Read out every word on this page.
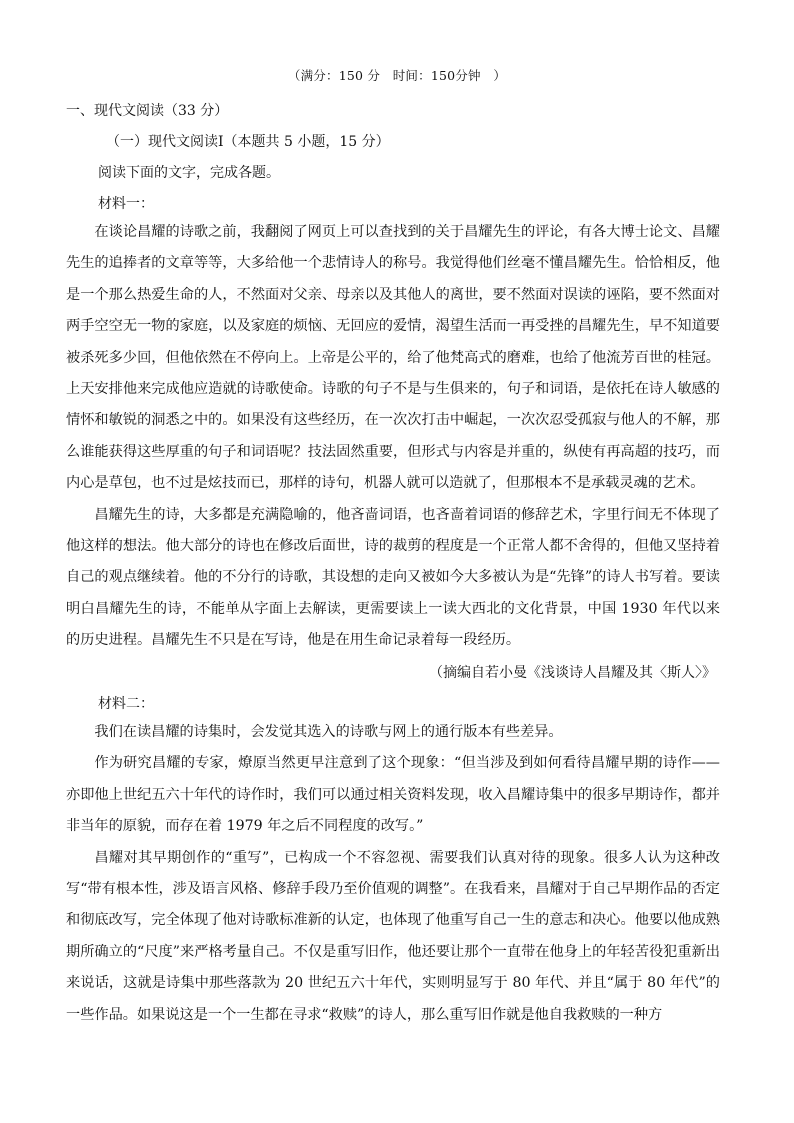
（满分：150 分　时间：150分钟　）
一、现代文阅读（33 分）
（一）现代文阅读Ⅰ（本题共 5 小题，15 分）
阅读下面的文字，完成各题。
材料一：

在谈论昌耀的诗歌之前，我翻阅了网页上可以查找到的关于昌耀先生的评论，有各大博士论文、昌耀先生的追捧者的文章等等，大多给他一个悲情诗人的称号。我觉得他们丝毫不懂昌耀先生。恰恰相反，他是一个那么热爱生命的人，不然面对父亲、母亲以及其他人的离世，要不然面对误读的诬陷，要不然面对两手空空无一物的家庭，以及家庭的烦恼、无回应的爱情，渴望生活而一再受挫的昌耀先生，早不知道要被杀死多少回，但他依然在不停向上。上帝是公平的，给了他梵高式的磨难，也给了他流芳百世的桂冠。上天安排他来完成他应造就的诗歌使命。诗歌的句子不是与生俱来的，句子和词语，是依托在诗人敏感的情怀和敏锐的洞悉之中的。如果没有这些经历，在一次次打击中崛起，一次次忍受孤寂与他人的不解，那么谁能获得这些厚重的句子和词语呢？技法固然重要，但形式与内容是并重的，纵使有再高超的技巧，而内心是草包，也不过是炫技而已，那样的诗句，机器人就可以造就了，但那根本不是承载灵魂的艺术。

昌耀先生的诗，大多都是充满隐喻的，他吝啬词语，也吝啬着词语的修辞艺术，字里行间无不体现了他这样的想法。他大部分的诗也在修改后面世，诗的裁剪的程度是一个正常人都不舍得的，但他又坚持着自己的观点继续着。他的不分行的诗歌，其设想的走向又被如今大多被认为是“先锋”的诗人书写着。要读明白昌耀先生的诗，不能单从字面上去解读，更需要读上一读大西北的文化背景，中国 1930 年代以来的历史进程。昌耀先生不只是在写诗，他是在用生命记录着每一段经历。

（摘编自若小曼《浅谈诗人昌耀及其〈斯人〉》
材料二：

我们在读昌耀的诗集时，会发觉其选入的诗歌与网上的通行版本有些差异。

作为研究昌耀的专家，燎原当然更早注意到了这个现象：“但当涉及到如何看待昌耀早期的诗作——亦即他上世纪五六十年代的诗作时，我们可以通过相关资料发现，收入昌耀诗集中的很多早期诗作，都并非当年的原貌，而存在着 1979 年之后不同程度的改写。”

昌耀对其早期创作的“重写”，已构成一个不容忽视、需要我们认真对待的现象。很多人认为这种改写“带有根本性，涉及语言风格、修辞手段乃至价值观的调整”。在我看来，昌耀对于自己早期作品的否定和彻底改写，完全体现了他对诗歌标准新的认定，也体现了他重写自己一生的意志和决心。他要以他成熟期所确立的“尺度”来严格考量自己。不仅是重写旧作，他还要让那个一直带在他身上的年轻苦役犯重新出来说话，这就是诗集中那些落款为 20 世纪五六十年代，实则明显写于 80 年代、并且“属于 80 年代”的一些作品。如果说这是一个一生都在寻求“救赎”的诗人，那么重写旧作就是他自我救赎的一种方
